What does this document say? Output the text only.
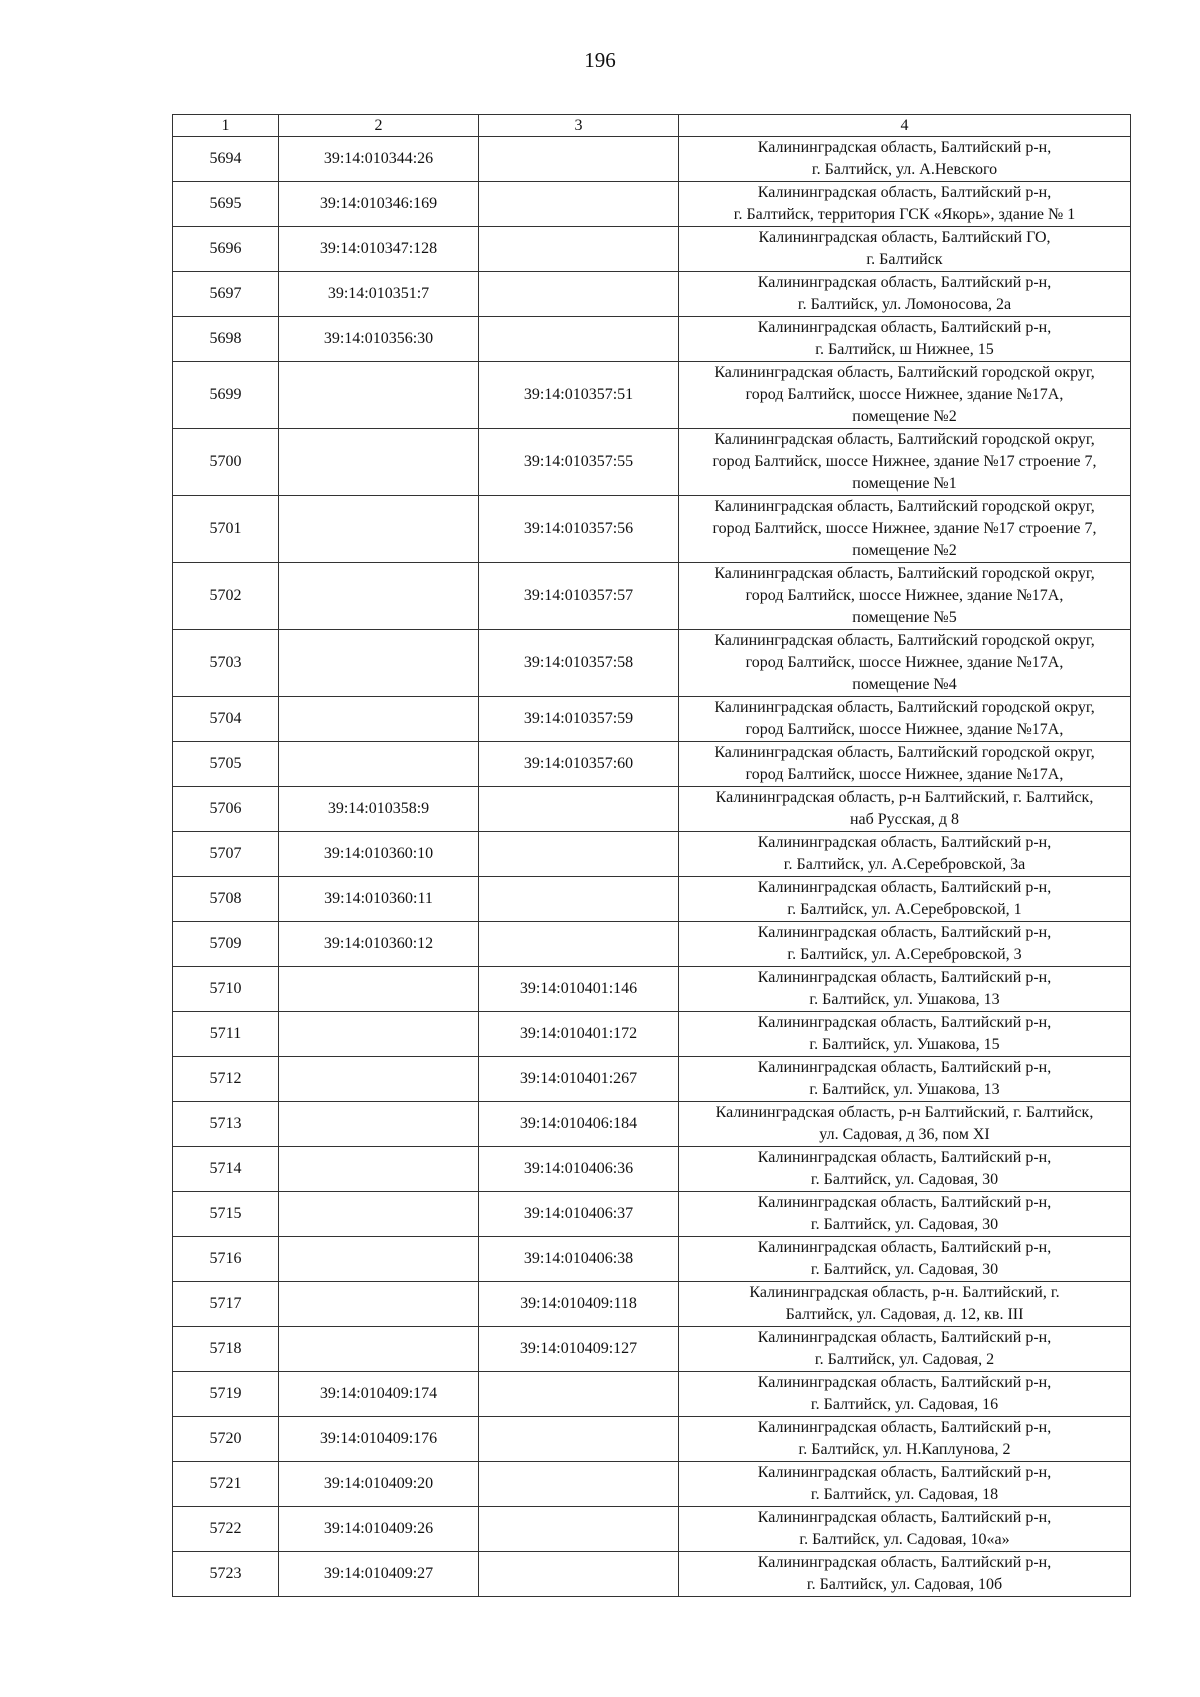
196
1	2	3	4
5694	39:14:010344:26		Калининградская область, Балтийский р-н,
г. Балтийск, ул. А.Невского

5695	39:14:010346:169		Калининградская область, Балтийский р-н,
г. Балтийск, территория ГСК «Якорь», здание № 1

5696	39:14:010347:128		Калининградская область, Балтийский ГО,
г. Балтийск

5697	39:14:010351:7		Калининградская область, Балтийский р-н,
г. Балтийск, ул. Ломоносова, 2а

5698	39:14:010356:30		Калининградская область, Балтийский р-н,
г. Балтийск, ш Нижнее, 15

5699		39:14:010357:51	Калининградская область, Балтийский городской округ,
город Балтийск, шоссе Нижнее, здание №17А,
помещение №2

5700		39:14:010357:55	Калининградская область, Балтийский городской округ,
город Балтийск, шоссе Нижнее, здание №17 строение 7,
помещение №1

5701		39:14:010357:56	Калининградская область, Балтийский городской округ,
город Балтийск, шоссе Нижнее, здание №17 строение 7,
помещение №2

5702		39:14:010357:57	Калининградская область, Балтийский городской округ,
город Балтийск, шоссе Нижнее, здание №17А,
помещение №5

5703		39:14:010357:58	Калининградская область, Балтийский городской округ,
город Балтийск, шоссе Нижнее, здание №17А,
помещение №4

5704		39:14:010357:59	Калининградская область, Балтийский городской округ,
город Балтийск, шоссе Нижнее, здание №17А,

5705		39:14:010357:60	Калининградская область, Балтийский городской округ,
город Балтийск, шоссе Нижнее, здание №17А,

5706	39:14:010358:9		Калининградская область, р-н Балтийский, г. Балтийск,
наб Русская, д 8

5707	39:14:010360:10		Калининградская область, Балтийский р-н,
г. Балтийск, ул. А.Серебровской, 3а

5708	39:14:010360:11		Калининградская область, Балтийский р-н,
г. Балтийск, ул. А.Серебровской, 1

5709	39:14:010360:12		Калининградская область, Балтийский р-н,
г. Балтийск, ул. А.Серебровской, 3

5710		39:14:010401:146	Калининградская область, Балтийский р-н,
г. Балтийск, ул. Ушакова, 13

5711		39:14:010401:172	Калининградская область, Балтийский р-н,
г. Балтийск, ул. Ушакова, 15

5712		39:14:010401:267	Калининградская область, Балтийский р-н,
г. Балтийск, ул. Ушакова, 13

5713		39:14:010406:184	Калининградская область, р-н Балтийский, г. Балтийск,
ул. Садовая, д 36, пом XI

5714		39:14:010406:36	Калининградская область, Балтийский р-н,
г. Балтийск, ул. Садовая, 30

5715		39:14:010406:37	Калининградская область, Балтийский р-н,
г. Балтийск, ул. Садовая, 30

5716		39:14:010406:38	Калининградская область, Балтийский р-н,
г. Балтийск, ул. Садовая, 30

5717		39:14:010409:118	Калининградская область, р-н. Балтийский, г.
Балтийск, ул. Садовая, д. 12, кв. III

5718		39:14:010409:127	Калининградская область, Балтийский р-н,
г. Балтийск, ул. Садовая, 2

5719	39:14:010409:174		Калининградская область, Балтийский р-н,
г. Балтийск, ул. Садовая, 16

5720	39:14:010409:176		Калининградская область, Балтийский р-н,
г. Балтийск, ул. Н.Каплунова, 2

5721	39:14:010409:20		Калининградская область, Балтийский р-н,
г. Балтийск, ул. Садовая, 18

5722	39:14:010409:26		Калининградская область, Балтийский р-н,
г. Балтийск, ул. Садовая, 10«а»

5723	39:14:010409:27		Калининградская область, Балтийский р-н,
г. Балтийск, ул. Садовая, 10б
